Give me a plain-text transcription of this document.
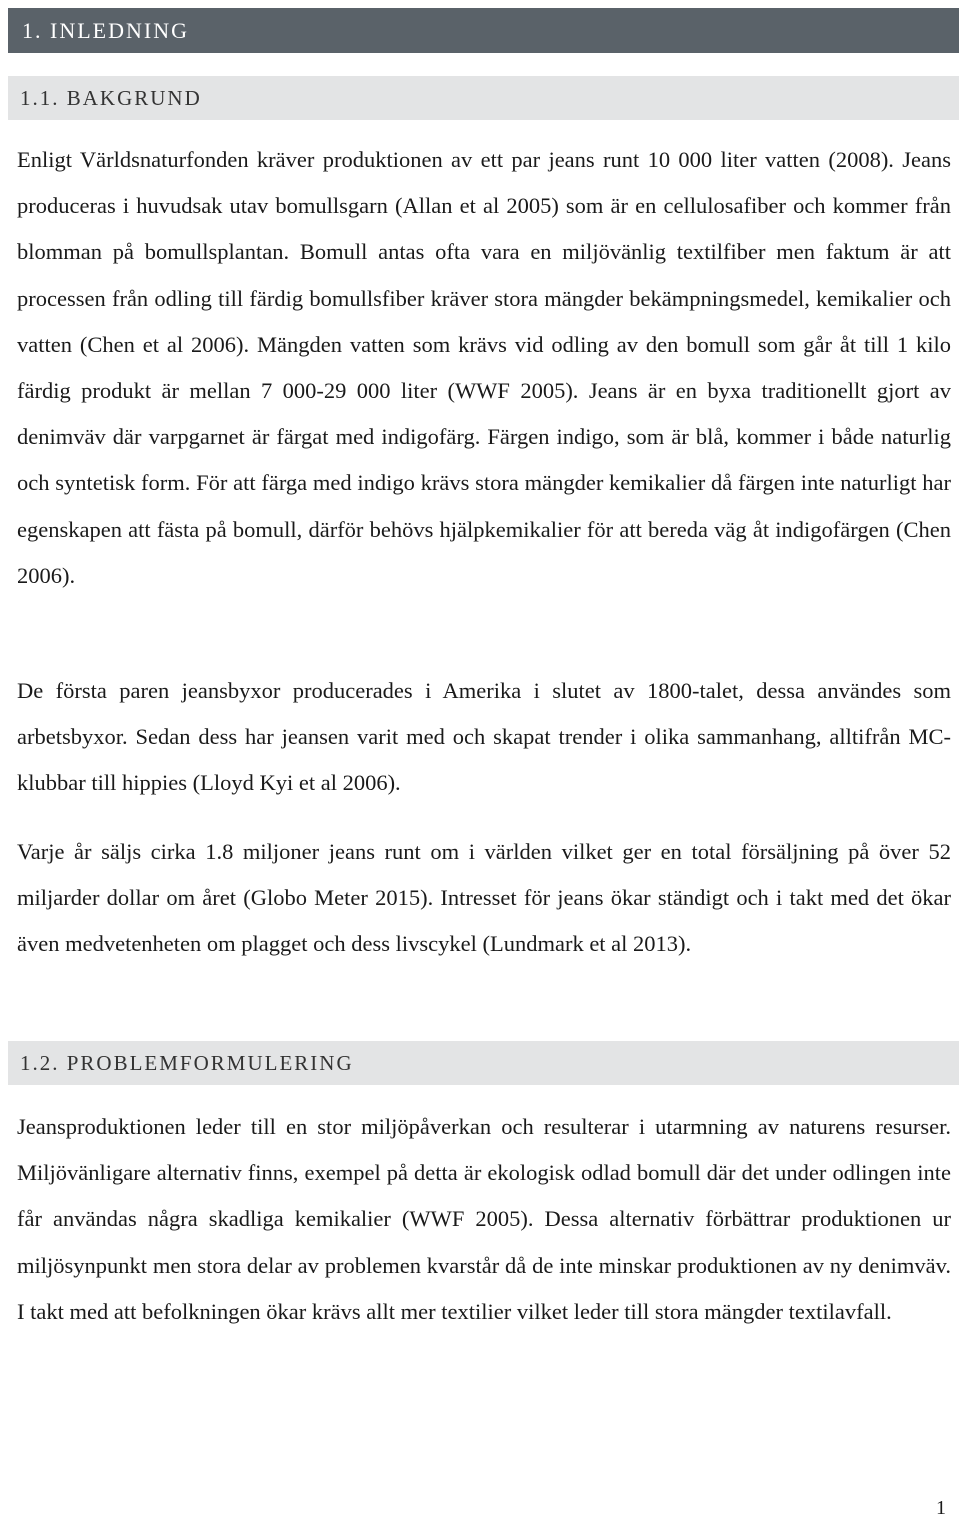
1. INLEDNING
1.1. BAKGRUND

Enligt Världsnaturfonden kräver produktionen av ett par jeans runt 10 000 liter vatten (2008). Jeans produceras i huvudsak utav bomullsgarn (Allan et al 2005) som är en cellulosafiber och kommer från blomman på bomullsplantan. Bomull antas ofta vara en miljövänlig textilfiber men faktum är att processen från odling till färdig bomullsfiber kräver stora mängder bekämpningsmedel, kemikalier och vatten (Chen et al 2006). Mängden vatten som krävs vid odling av den bomull som går åt till 1 kilo färdig produkt är mellan 7 000-29 000 liter (WWF 2005). Jeans är en byxa traditionellt gjort av denimväv där varpgarnet är färgat med indigofärg. Färgen indigo, som är blå, kommer i både naturlig och syntetisk form. För att färga med indigo krävs stora mängder kemikalier då färgen inte naturligt har egenskapen att fästa på bomull, därför behövs hjälpkemikalier för att bereda väg åt indigofärgen (Chen 2006).

De första paren jeansbyxor producerades i Amerika i slutet av 1800-talet, dessa användes som arbetsbyxor. Sedan dess har jeansen varit med och skapat trender i olika sammanhang, alltifrån MC-klubbar till hippies (Lloyd Kyi et al 2006).

Varje år säljs cirka 1.8 miljoner jeans runt om i världen vilket ger en total försäljning på över 52 miljarder dollar om året (Globo Meter 2015). Intresset för jeans ökar ständigt och i takt med det ökar även medvetenheten om plagget och dess livscykel (Lundmark et al 2013).

1.2. PROBLEMFORMULERING

Jeansproduktionen leder till en stor miljöpåverkan och resulterar i utarmning av naturens resurser. Miljövänligare alternativ finns, exempel på detta är ekologisk odlad bomull där det under odlingen inte får användas några skadliga kemikalier (WWF 2005). Dessa alternativ förbättrar produktionen ur miljösynpunkt men stora delar av problemen kvarstår då de inte minskar produktionen av ny denimväv. I takt med att befolkningen ökar krävs allt mer textilier vilket leder till stora mängder textilavfall.

1
